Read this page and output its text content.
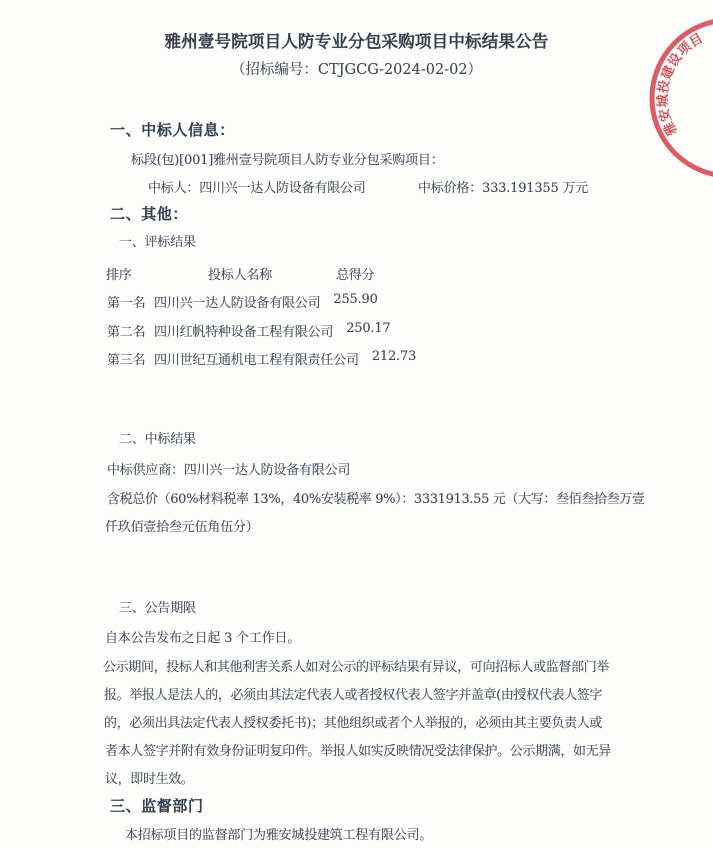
雅州壹号院项目人防专业分包采购项目中标结果公告
（招标编号：CTJGCG-2024-02-02）
雅安城投建设项目
一、中标人信息：
标段(包)[001]雅州壹号院项目人防专业分包采购项目：
中标人：四川兴一达人防设备有限公司	中标价格：333.191355 万元
二、其他：
一、评标结果
排序	投标人名称	总得分
第一名 四川兴一达人防设备有限公司 255.90
第二名 四川红帆特种设备工程有限公司 250.17
第三名 四川世纪互通机电工程有限责任公司 212.73
二、中标结果
中标供应商：四川兴一达人防设备有限公司
含税总价（60%材料税率 13%，40%安装税率 9%）：3331913.55 元（大写：叁佰叁拾叁万壹
仟玖佰壹拾叁元伍角伍分）
三、公告期限
自本公告发布之日起 3 个工作日。
公示期间，投标人和其他利害关系人如对公示的评标结果有异议，可向招标人或监督部门举
报。举报人是法人的，必须由其法定代表人或者授权代表人签字并盖章(由授权代表人签字
的，必须出具法定代表人授权委托书)；其他组织或者个人举报的，必须由其主要负责人或
者本人签字并附有效身份证明复印件。举报人如实反映情况受法律保护。公示期满，如无异
议，即时生效。
三、监督部门
本招标项目的监督部门为雅安城投建筑工程有限公司。
